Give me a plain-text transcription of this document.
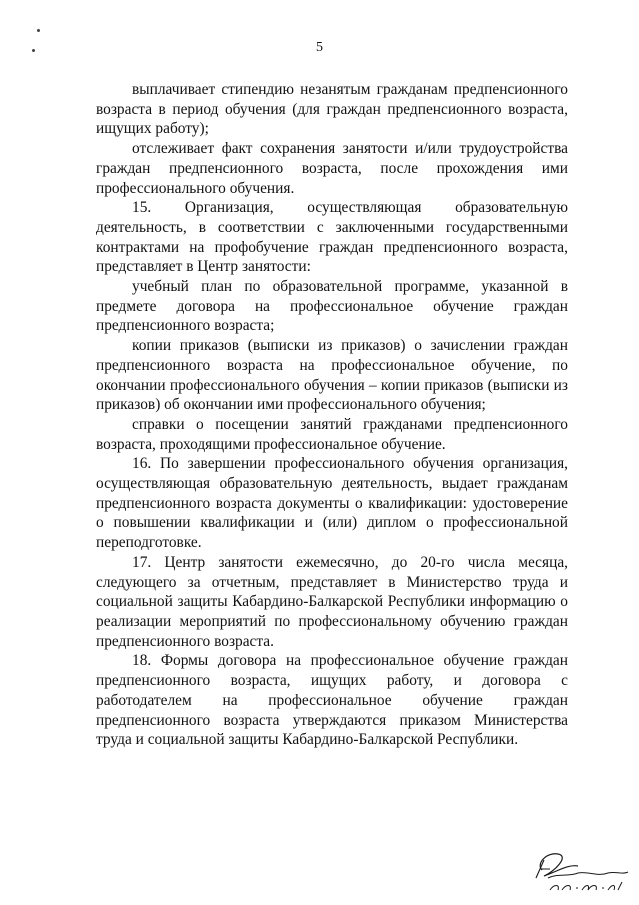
5

выплачивает стипендию незанятым гражданам предпенсионного возраста в период обучения (для граждан предпенсионного возраста, ищущих работу);

отслеживает факт сохранения занятости и/или трудоустройства граждан предпенсионного возраста, после прохождения ими профессионального обучения.

15. Организация, осуществляющая образовательную деятельность, в соответствии с заключенными государственными контрактами на профобучение граждан предпенсионного возраста, представляет в Центр занятости:

учебный план по образовательной программе, указанной в предмете договора на профессиональное обучение граждан предпенсионного возраста;

копии приказов (выписки из приказов) о зачислении граждан предпенсионного возраста на профессиональное обучение, по окончании профессионального обучения – копии приказов (выписки из приказов) об окончании ими профессионального обучения;

справки о посещении занятий гражданами предпенсионного возраста, проходящими профессиональное обучение.

16. По завершении профессионального обучения организация, осуществляющая образовательную деятельность, выдает гражданам предпенсионного возраста документы о квалификации: удостоверение о повышении квалификации и (или) диплом о профессиональной переподготовке.

17. Центр занятости ежемесячно, до 20-го числа месяца, следующего за отчетным, представляет в Министерство труда и социальной защиты Кабардино-Балкарской Республики информацию о реализации мероприятий по профессиональному обучению граждан предпенсионного возраста.

18. Формы договора на профессиональное обучение граждан предпенсионного возраста, ищущих работу, и договора с работодателем на профессиональное обучение граждан предпенсионного возраста утверждаются приказом Министерства труда и социальной защиты Кабардино-Балкарской Республики.
